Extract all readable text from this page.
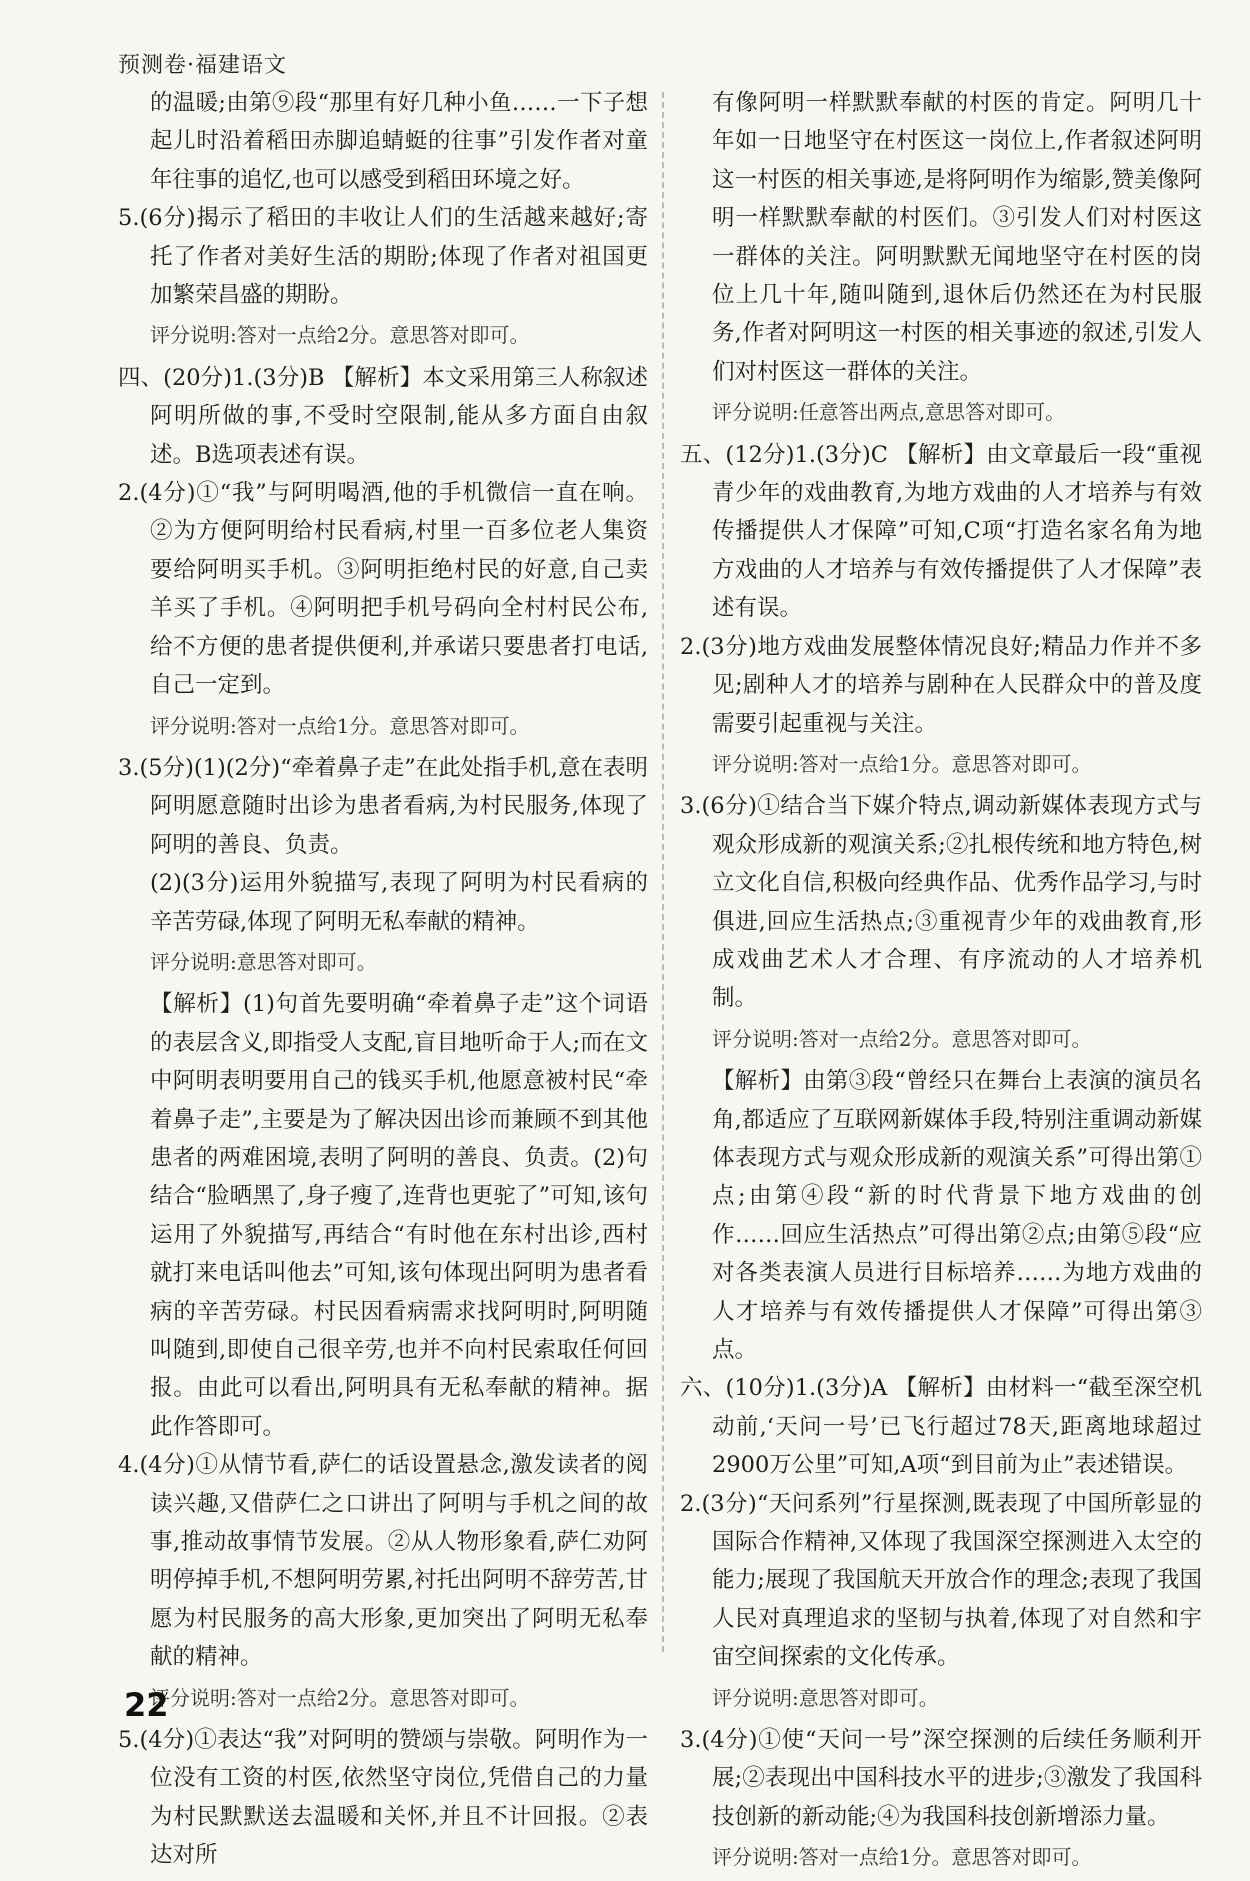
预测卷·福建语文

的温暖;由第⑨段“那里有好几种小鱼……一下子想起儿时沿着稻田赤脚追蜻蜓的往事”引发作者对童年往事的追忆,也可以感受到稻田环境之好。

5.(6分)揭示了稻田的丰收让人们的生活越来越好;寄托了作者对美好生活的期盼;体现了作者对祖国更加繁荣昌盛的期盼。

评分说明:答对一点给2分。意思答对即可。

四、(20分)1.(3分)B 【解析】本文采用第三人称叙述阿明所做的事,不受时空限制,能从多方面自由叙述。B选项表述有误。

2.(4分)①“我”与阿明喝酒,他的手机微信一直在响。②为方便阿明给村民看病,村里一百多位老人集资要给阿明买手机。③阿明拒绝村民的好意,自己卖羊买了手机。④阿明把手机号码向全村村民公布,给不方便的患者提供便利,并承诺只要患者打电话,自己一定到。

评分说明:答对一点给1分。意思答对即可。

3.(5分)(1)(2分)“牵着鼻子走”在此处指手机,意在表明阿明愿意随时出诊为患者看病,为村民服务,体现了阿明的善良、负责。

(2)(3分)运用外貌描写,表现了阿明为村民看病的辛苦劳碌,体现了阿明无私奉献的精神。

评分说明:意思答对即可。

【解析】(1)句首先要明确“牵着鼻子走”这个词语的表层含义,即指受人支配,盲目地听命于人;而在文中阿明表明要用自己的钱买手机,他愿意被村民“牵着鼻子走”,主要是为了解决因出诊而兼顾不到其他患者的两难困境,表明了阿明的善良、负责。(2)句结合“脸晒黑了,身子瘦了,连背也更驼了”可知,该句运用了外貌描写,再结合“有时他在东村出诊,西村就打来电话叫他去”可知,该句体现出阿明为患者看病的辛苦劳碌。村民因看病需求找阿明时,阿明随叫随到,即使自己很辛劳,也并不向村民索取任何回报。由此可以看出,阿明具有无私奉献的精神。据此作答即可。

4.(4分)①从情节看,萨仁的话设置悬念,激发读者的阅读兴趣,又借萨仁之口讲出了阿明与手机之间的故事,推动故事情节发展。②从人物形象看,萨仁劝阿明停掉手机,不想阿明劳累,衬托出阿明不辞劳苦,甘愿为村民服务的高大形象,更加突出了阿明无私奉献的精神。

评分说明:答对一点给2分。意思答对即可。

5.(4分)①表达“我”对阿明的赞颂与崇敬。阿明作为一位没有工资的村医,依然坚守岗位,凭借自己的力量为村民默默送去温暖和关怀,并且不计回报。②表达对所

有像阿明一样默默奉献的村医的肯定。阿明几十年如一日地坚守在村医这一岗位上,作者叙述阿明这一村医的相关事迹,是将阿明作为缩影,赞美像阿明一样默默奉献的村医们。③引发人们对村医这一群体的关注。阿明默默无闻地坚守在村医的岗位上几十年,随叫随到,退休后仍然还在为村民服务,作者对阿明这一村医的相关事迹的叙述,引发人们对村医这一群体的关注。

评分说明:任意答出两点,意思答对即可。

五、(12分)1.(3分)C 【解析】由文章最后一段“重视青少年的戏曲教育,为地方戏曲的人才培养与有效传播提供人才保障”可知,C项“打造名家名角为地方戏曲的人才培养与有效传播提供了人才保障”表述有误。

2.(3分)地方戏曲发展整体情况良好;精品力作并不多见;剧种人才的培养与剧种在人民群众中的普及度需要引起重视与关注。

评分说明:答对一点给1分。意思答对即可。

3.(6分)①结合当下媒介特点,调动新媒体表现方式与观众形成新的观演关系;②扎根传统和地方特色,树立文化自信,积极向经典作品、优秀作品学习,与时俱进,回应生活热点;③重视青少年的戏曲教育,形成戏曲艺术人才合理、有序流动的人才培养机制。

评分说明:答对一点给2分。意思答对即可。

【解析】由第③段“曾经只在舞台上表演的演员名角,都适应了互联网新媒体手段,特别注重调动新媒体表现方式与观众形成新的观演关系”可得出第①点;由第④段“新的时代背景下地方戏曲的创作……回应生活热点”可得出第②点;由第⑤段“应对各类表演人员进行目标培养……为地方戏曲的人才培养与有效传播提供人才保障”可得出第③点。

六、(10分)1.(3分)A 【解析】由材料一“截至深空机动前,‘天问一号’已飞行超过78天,距离地球超过2900万公里”可知,A项“到目前为止”表述错误。

2.(3分)“天问系列”行星探测,既表现了中国所彰显的国际合作精神,又体现了我国深空探测进入太空的能力;展现了我国航天开放合作的理念;表现了我国人民对真理追求的坚韧与执着,体现了对自然和宇宙空间探索的文化传承。

评分说明:意思答对即可。

3.(4分)①使“天问一号”深空探测的后续任务顺利开展;②表现出中国科技水平的进步;③激发了我国科技创新的新动能;④为我国科技创新增添力量。

评分说明:答对一点给1分。意思答对即可。

22
